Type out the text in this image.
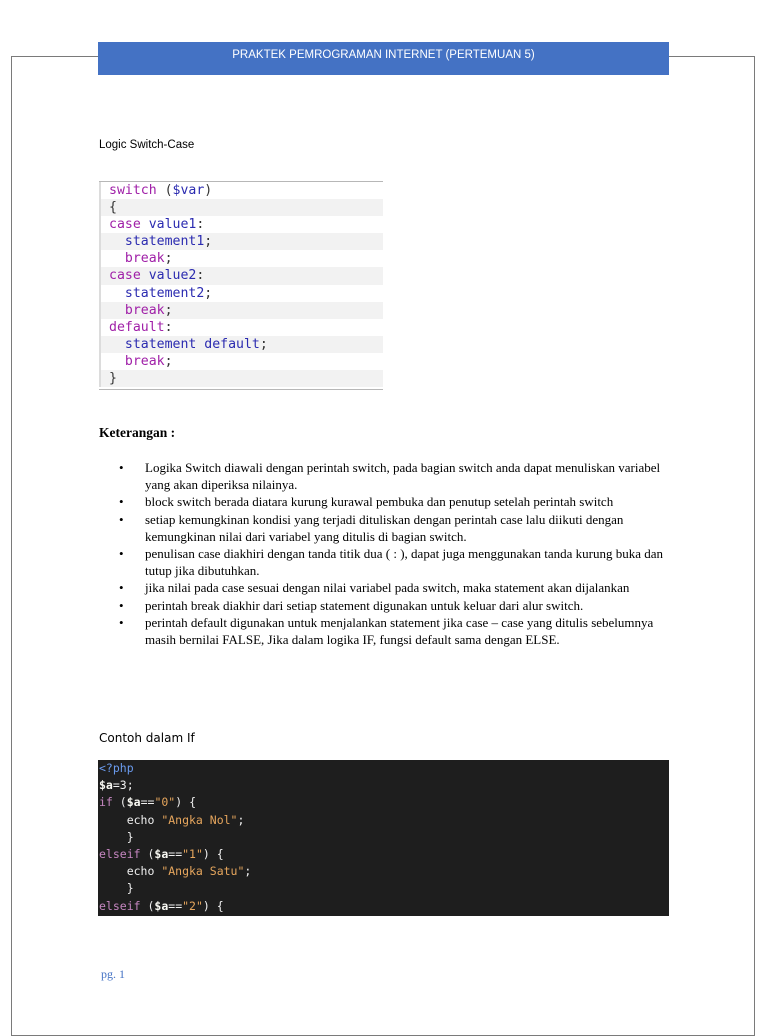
PRAKTEK PEMROGRAMAN INTERNET (PERTEMUAN 5)
Logic Switch-Case
switch ($var)
{
case value1:
statement1;
break;
case value2:
statement2;
break;
default:
statement default;
break;
}
Keterangan :
• Logika Switch diawali dengan perintah switch, pada bagian switch anda dapat menuliskan variabel yang akan diperiksa nilainya.
• block switch berada diatara kurung kurawal pembuka dan penutup setelah perintah switch
• setiap kemungkinan kondisi yang terjadi dituliskan dengan perintah case lalu diikuti dengan kemungkinan nilai dari variabel yang ditulis di bagian switch.
• penulisan case diakhiri dengan tanda titik dua ( : ), dapat juga menggunakan tanda kurung buka dan tutup jika dibutuhkan.
• jika nilai pada case sesuai dengan nilai variabel pada switch, maka statement akan dijalankan
• perintah break diakhir dari setiap statement digunakan untuk keluar dari alur switch.
• perintah default digunakan untuk menjalankan statement jika case – case yang ditulis sebelumnya masih bernilai FALSE, Jika dalam logika IF, fungsi default sama dengan ELSE.
Contoh dalam If
<?php
$a=3;
if ($a=="0") {
echo "Angka Nol";
}
elseif ($a=="1") {
echo "Angka Satu";
}
elseif ($a=="2") {
pg. 1
